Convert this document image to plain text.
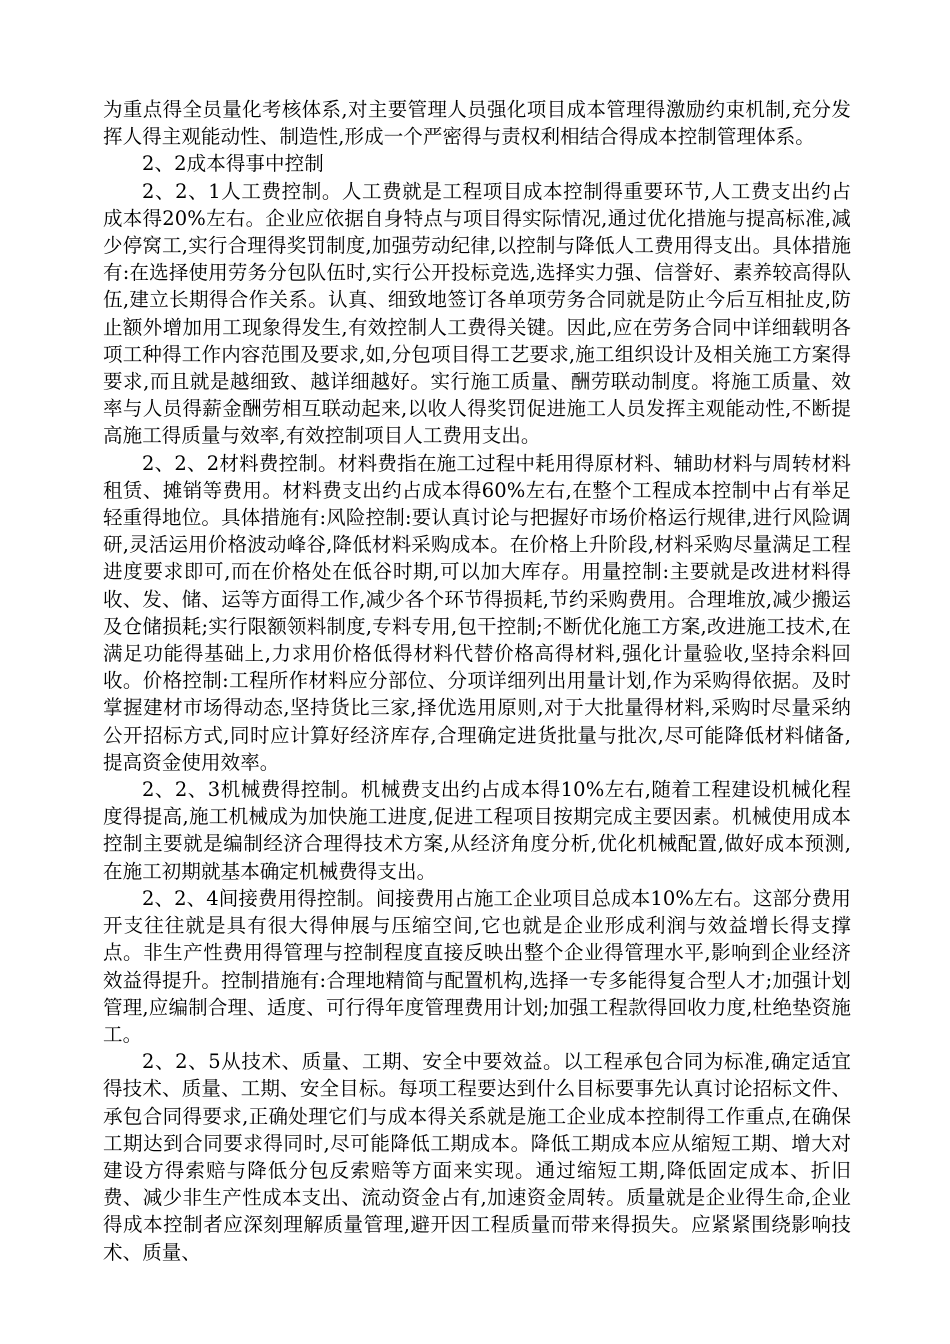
为重点得全员量化考核体系,对主要管理人员强化项目成本管理得激励约束机制,充分发挥人得主观能动性、制造性,形成一个严密得与责权利相结合得成本控制管理体系。

2、2成本得事中控制

2、2、1人工费控制。人工费就是工程项目成本控制得重要环节,人工费支出约占成本得20%左右。企业应依据自身特点与项目得实际情况,通过优化措施与提高标准,减少停窝工,实行合理得奖罚制度,加强劳动纪律,以控制与降低人工费用得支出。具体措施有:在选择使用劳务分包队伍时,实行公开投标竞选,选择实力强、信誉好、素养较高得队伍,建立长期得合作关系。认真、细致地签订各单项劳务合同就是防止今后互相扯皮,防止额外增加用工现象得发生,有效控制人工费得关键。因此,应在劳务合同中详细载明各项工种得工作内容范围及要求,如,分包项目得工艺要求,施工组织设计及相关施工方案得要求,而且就是越细致、越详细越好。实行施工质量、酬劳联动制度。将施工质量、效率与人员得薪金酬劳相互联动起来,以收人得奖罚促进施工人员发挥主观能动性,不断提高施工得质量与效率,有效控制项目人工费用支出。

2、2、2材料费控制。材料费指在施工过程中耗用得原材料、辅助材料与周转材料租赁、摊销等费用。材料费支出约占成本得60%左右,在整个工程成本控制中占有举足轻重得地位。具体措施有:风险控制:要认真讨论与把握好市场价格运行规律,进行风险调研,灵活运用价格波动峰谷,降低材料采购成本。在价格上升阶段,材料采购尽量满足工程进度要求即可,而在价格处在低谷时期,可以加大库存。用量控制:主要就是改进材料得收、发、储、运等方面得工作,减少各个环节得损耗,节约采购费用。合理堆放,减少搬运及仓储损耗;实行限额领料制度,专料专用,包干控制;不断优化施工方案,改进施工技术,在满足功能得基础上,力求用价格低得材料代替价格高得材料,强化计量验收,坚持余料回收。价格控制:工程所作材料应分部位、分项详细列出用量计划,作为采购得依据。及时掌握建材市场得动态,坚持货比三家,择优选用原则,对于大批量得材料,采购时尽量采纳公开招标方式,同时应计算好经济库存,合理确定进货批量与批次,尽可能降低材料储备,提高资金使用效率。

2、2、3机械费得控制。机械费支出约占成本得10%左右,随着工程建设机械化程度得提高,施工机械成为加快施工进度,促进工程项目按期完成主要因素。机械使用成本控制主要就是编制经济合理得技术方案,从经济角度分析,优化机械配置,做好成本预测,在施工初期就基本确定机械费得支出。

2、2、4间接费用得控制。间接费用占施工企业项目总成本10%左右。这部分费用开支往往就是具有很大得伸展与压缩空间,它也就是企业形成利润与效益增长得支撑点。非生产性费用得管理与控制程度直接反映出整个企业得管理水平,影响到企业经济效益得提升。控制措施有:合理地精简与配置机构,选择一专多能得复合型人才;加强计划管理,应编制合理、适度、可行得年度管理费用计划;加强工程款得回收力度,杜绝垫资施工。

2、2、5从技术、质量、工期、安全中要效益。以工程承包合同为标准,确定适宜得技术、质量、工期、安全目标。每项工程要达到什么目标要事先认真讨论招标文件、承包合同得要求,正确处理它们与成本得关系就是施工企业成本控制得工作重点,在确保工期达到合同要求得同时,尽可能降低工期成本。降低工期成本应从缩短工期、增大对建设方得索赔与降低分包反索赔等方面来实现。通过缩短工期,降低固定成本、折旧费、减少非生产性成本支出、流动资金占有,加速资金周转。质量就是企业得生命,企业得成本控制者应深刻理解质量管理,避开因工程质量而带来得损失。应紧紧围绕影响技术、质量、
